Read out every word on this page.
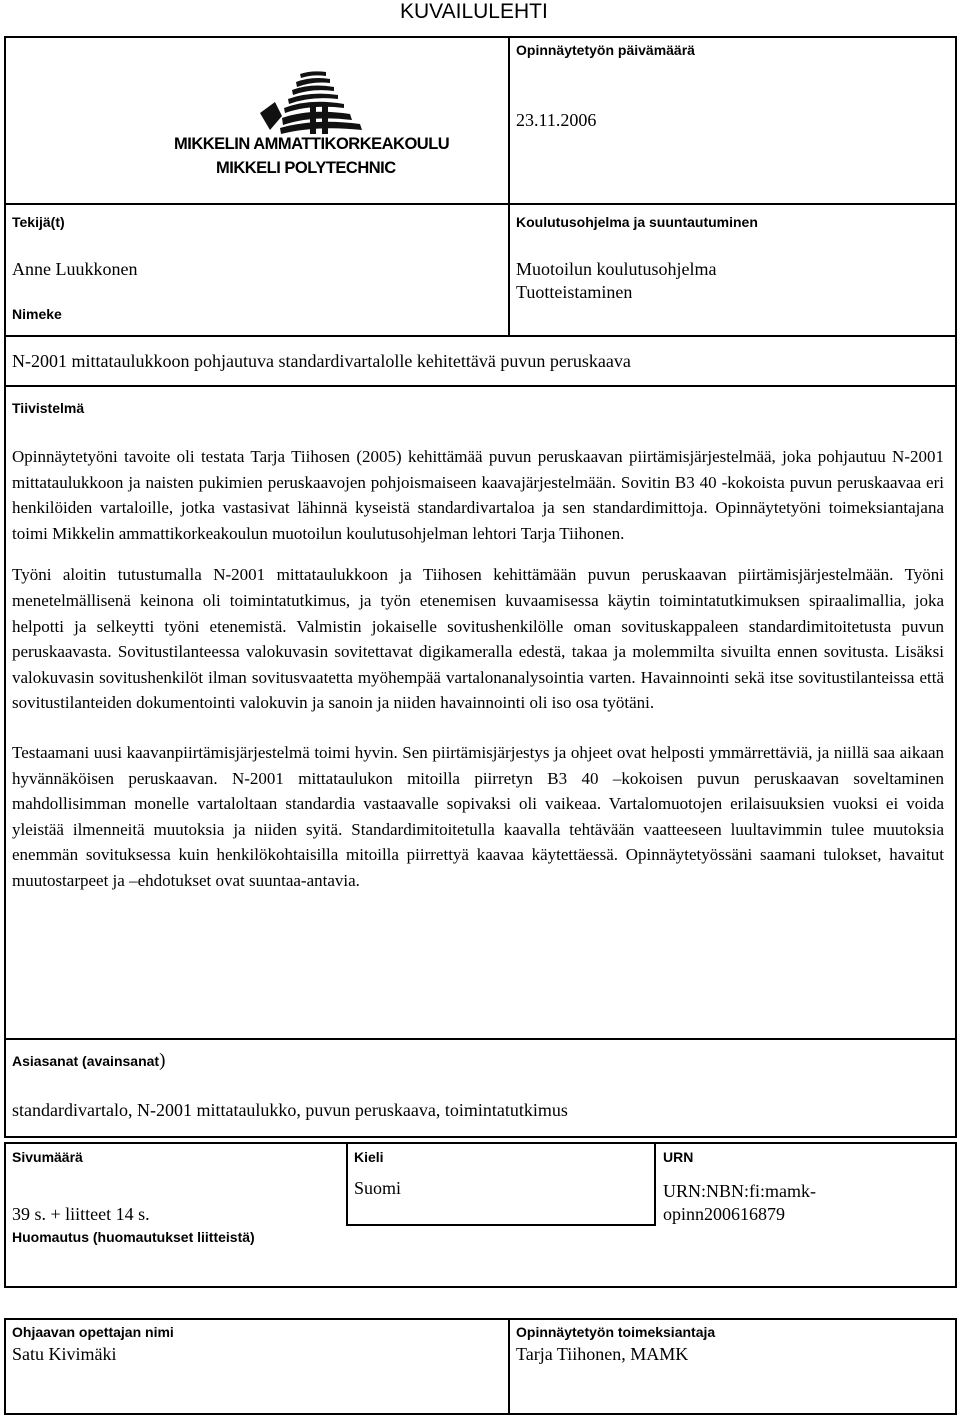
KUVAILULEHTI
MIKKELIN AMMATTIKORKEAKOULU
MIKKELI POLYTECHNIC
Opinnäytetyön päivämäärä
23.11.2006
Tekijä(t)
Anne Luukkonen
Koulutusohjelma ja suuntautuminen
Muotoilun koulutusohjelma
Tuotteistaminen
Nimeke
N-2001 mittataulukkoon pohjautuva standardivartalolle kehitettävä puvun peruskaava
Tiivistelmä

Opinnäytetyöni tavoite oli testata Tarja Tiihosen (2005) kehittämää puvun peruskaavan piirtämisjärjestelmää, joka pohjautuu N-2001 mittataulukkoon ja naisten pukimien peruskaavojen pohjoismaiseen kaavajärjestelmään. Sovitin B3 40 -kokoista puvun peruskaavaa eri henkilöiden vartaloille, jotka vastasivat lähinnä kyseistä standardivartaloa ja sen standardimittoja. Opinnäytetyöni toimeksiantajana toimi Mikkelin ammattikorkeakoulun muotoilun koulutusohjelman lehtori Tarja Tiihonen.

Työni aloitin tutustumalla N-2001 mittataulukkoon ja Tiihosen kehittämään puvun peruskaavan piirtämisjärjestelmään. Työni menetelmällisenä keinona oli toimintatutkimus, ja työn etenemisen kuvaamisessa käytin toimintatutkimuksen spiraalimallia, joka helpotti ja selkeytti työni etenemistä. Valmistin jokaiselle sovitushenkilölle oman sovituskappaleen standardimitoitetusta puvun peruskaavasta. Sovitustilanteessa valokuvasin sovitettavat digikameralla edestä, takaa ja molemmilta sivuilta ennen sovitusta. Lisäksi valokuvasin sovitushenkilöt ilman sovitusvaatetta myöhempää vartalonanalysointia varten. Havainnointi sekä itse sovitustilanteissa että sovitustilanteiden dokumentointi valokuvin ja sanoin ja niiden havainnointi oli iso osa työtäni.

Testaamani uusi kaavanpiirtämisjärjestelmä toimi hyvin. Sen piirtämisjärjestys ja ohjeet ovat helposti ymmärrettäviä, ja niillä saa aikaan hyvännäköisen peruskaavan. N-2001 mittataulukon mitoilla piirretyn B3 40 –kokoisen puvun peruskaavan soveltaminen mahdollisimman monelle vartaloltaan standardia vastaavalle sopivaksi oli vaikeaa. Vartalomuotojen erilaisuuksien vuoksi ei voida yleistää ilmenneitä muutoksia ja niiden syitä. Standardimitoitetulla kaavalla tehtävään vaatteeseen luultavimmin tulee muutoksia enemmän sovituksessa kuin henkilökohtaisilla mitoilla piirrettyä kaavaa käytettäessä. Opinnäytetyössäni saamani tulokset, havaitut muutostarpeet ja –ehdotukset ovat suuntaa-antavia.

Asiasanat (avainsanat)
standardivartalo, N-2001 mittataulukko, puvun peruskaava, toimintatutkimus
Sivumäärä
39 s. + liitteet 14 s.
Kieli
Suomi
URN
URN:NBN:fi:mamk-
opinn200616879
Huomautus (huomautukset liitteistä)
Ohjaavan opettajan nimi
Satu Kivimäki
Opinnäytetyön toimeksiantaja
Tarja Tiihonen, MAMK
